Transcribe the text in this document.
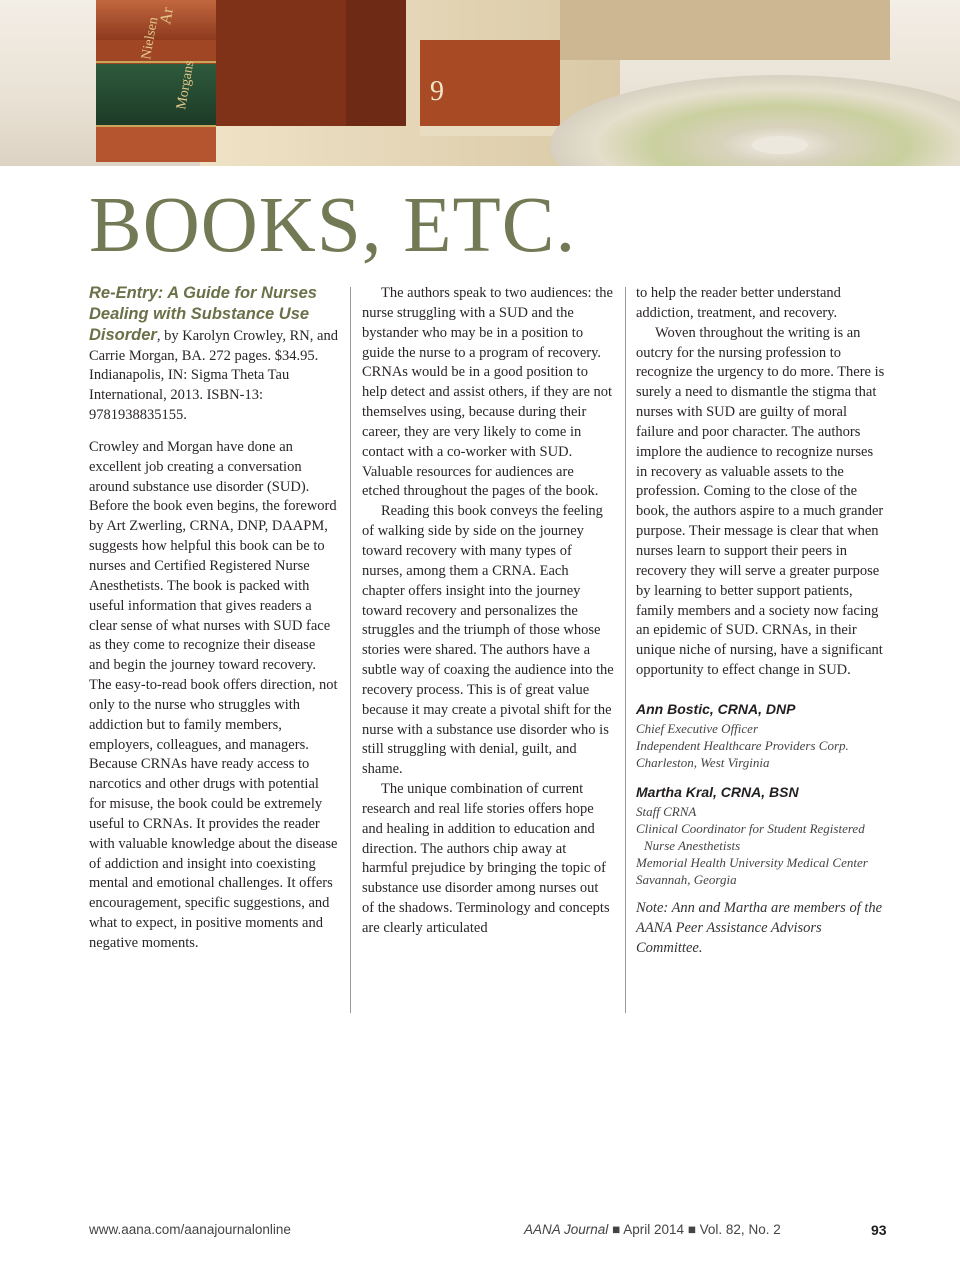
9
Nielsen
Morgans
Ar
BOOKS, ETC.

Re-Entry: A Guide for Nurses Dealing with Substance Use Disorder, by Karolyn Crowley, RN, and Carrie Morgan, BA. 272 pages. $34.95. Indianapolis, IN: Sigma Theta Tau International, 2013. ISBN-13: 9781938835155.

Crowley and Morgan have done an excellent job creating a conversation around substance use disorder (SUD). Before the book even begins, the foreword by Art Zwerling, CRNA, DNP, DAAPM, suggests how helpful this book can be to nurses and Certified Registered Nurse Anesthetists. The book is packed with useful information that gives readers a clear sense of what nurses with SUD face as they come to recognize their disease and begin the journey toward recovery. The easy-to-read book offers direction, not only to the nurse who struggles with addiction but to family members, employers, colleagues, and managers. Because CRNAs have ready access to narcotics and other drugs with potential for misuse, the book could be extremely useful to CRNAs. It provides the reader with valuable knowledge about the disease of addiction and insight into coexisting mental and emotional challenges. It offers encouragement, specific suggestions, and what to expect, in positive moments and negative moments.

The authors speak to two audiences: the nurse struggling with a SUD and the bystander who may be in a position to guide the nurse to a program of recovery. CRNAs would be in a good position to help detect and assist others, if they are not themselves using, because during their career, they are very likely to come in contact with a co-worker with SUD. Valuable resources for audiences are etched throughout the pages of the book.

Reading this book conveys the feeling of walking side by side on the journey toward recovery with many types of nurses, among them a CRNA. Each chapter offers insight into the journey toward recovery and personalizes the struggles and the triumph of those whose stories were shared. The authors have a subtle way of coaxing the audience into the recovery process. This is of great value because it may create a pivotal shift for the nurse with a substance use disorder who is still struggling with denial, guilt, and shame.

The unique combination of current research and real life stories offers hope and healing in addition to education and direction. The authors chip away at harmful prejudice by bringing the topic of substance use disorder among nurses out of the shadows. Terminology and concepts are clearly articulated

to help the reader better understand addiction, treatment, and recovery.

Woven throughout the writing is an outcry for the nursing profession to recognize the urgency to do more. There is surely a need to dismantle the stigma that nurses with SUD are guilty of moral failure and poor character. The authors implore the audience to recognize nurses in recovery as valuable assets to the profession. Coming to the close of the book, the authors aspire to a much grander purpose. Their message is clear that when nurses learn to support their peers in recovery they will serve a greater purpose by learning to better support patients, family members and a society now facing an epidemic of SUD. CRNAs, in their unique niche of nursing, have a significant opportunity to effect change in SUD.

Ann Bostic, CRNA, DNP
Chief Executive Officer
Independent Healthcare Providers Corp.
Charleston, West Virginia
Martha Kral, CRNA, BSN
Staff CRNA
Clinical Coordinator for Student Registered
Nurse Anesthetists
Memorial Health University Medical Center
Savannah, Georgia

Note: Ann and Martha are members of the AANA Peer Assistance Advisors Committee.

www.aana.com/aanajournalonline	AANA Journal ■ April 2014 ■ Vol. 82, No. 2	93
